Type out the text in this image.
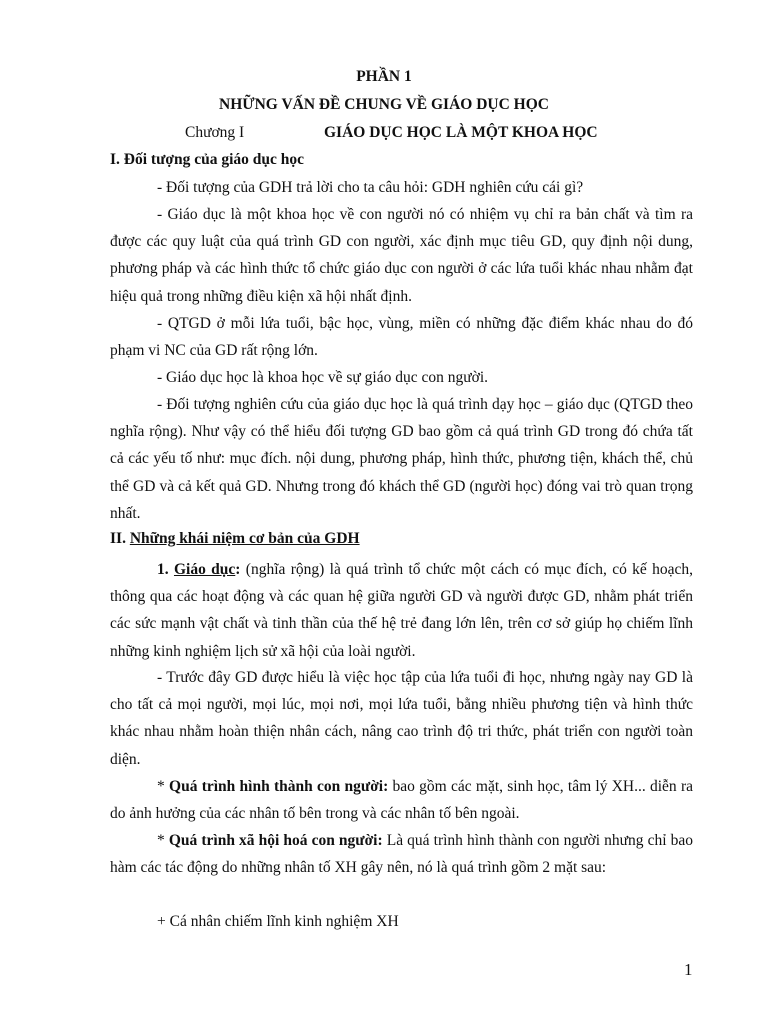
PHẦN 1
NHỮNG VẤN ĐỀ CHUNG VỀ GIÁO DỤC HỌC
Chương I	GIÁO DỤC HỌC LÀ MỘT KHOA HỌC
I. Đối tượng của giáo dục học
- Đối tượng của GDH trả lời cho ta câu hỏi: GDH nghiên cứu cái gì?
- Giáo dục là một khoa học về con người nó có nhiệm vụ chỉ ra bản chất và tìm ra được các quy luật của quá trình GD con người, xác định mục tiêu GD, quy định nội dung, phương pháp và các hình thức tổ chức giáo dục con người ở các lứa tuổi khác nhau nhằm đạt hiệu quả trong những điều kiện xã hội nhất định.
- QTGD ở mỗi lứa tuổi, bậc học, vùng, miền có những đặc điểm khác nhau do đó phạm vi NC của GD rất rộng lớn.
- Giáo dục học là khoa học về sự giáo dục con người.
- Đối tượng nghiên cứu của giáo dục học là quá trình dạy học – giáo dục (QTGD theo nghĩa rộng). Như vậy có thể hiểu đối tượng GD bao gồm cả quá trình GD trong đó chứa tất cả các yếu tố như: mục đích. nội dung, phương pháp, hình thức, phương tiện, khách thể, chủ thể GD và cả kết quả GD. Nhưng trong đó khách thể GD (người học) đóng vai trò quan trọng nhất.
II. Những khái niệm cơ bản của GDH
1. Giáo dục: (nghĩa rộng) là quá trình tổ chức một cách có mục đích, có kế hoạch, thông qua các hoạt động và các quan hệ giữa người GD và người được GD, nhằm phát triển các sức mạnh vật chất và tinh thần của thế hệ trẻ đang lớn lên, trên cơ sở giúp họ chiếm lĩnh những kinh nghiệm lịch sử xã hội của loài người.
- Trước đây GD được hiểu là việc học tập của lứa tuổi đi học, nhưng ngày nay GD là cho tất cả mọi người, mọi lúc, mọi nơi, mọi lứa tuổi, bằng nhiều phương tiện và hình thức khác nhau nhằm hoàn thiện nhân cách, nâng cao trình độ tri thức, phát triển con người toàn diện.
* Quá trình hình thành con người: bao gồm các mặt, sinh học, tâm lý XH... diễn ra do ảnh hưởng của các nhân tố bên trong và các nhân tố bên ngoài.
* Quá trình xã hội hoá con người: Là quá trình hình thành con người nhưng chỉ bao hàm các tác động do những nhân tố XH gây nên, nó là quá trình gồm 2 mặt sau:
+ Cá nhân chiếm lĩnh kinh nghiệm XH
1
